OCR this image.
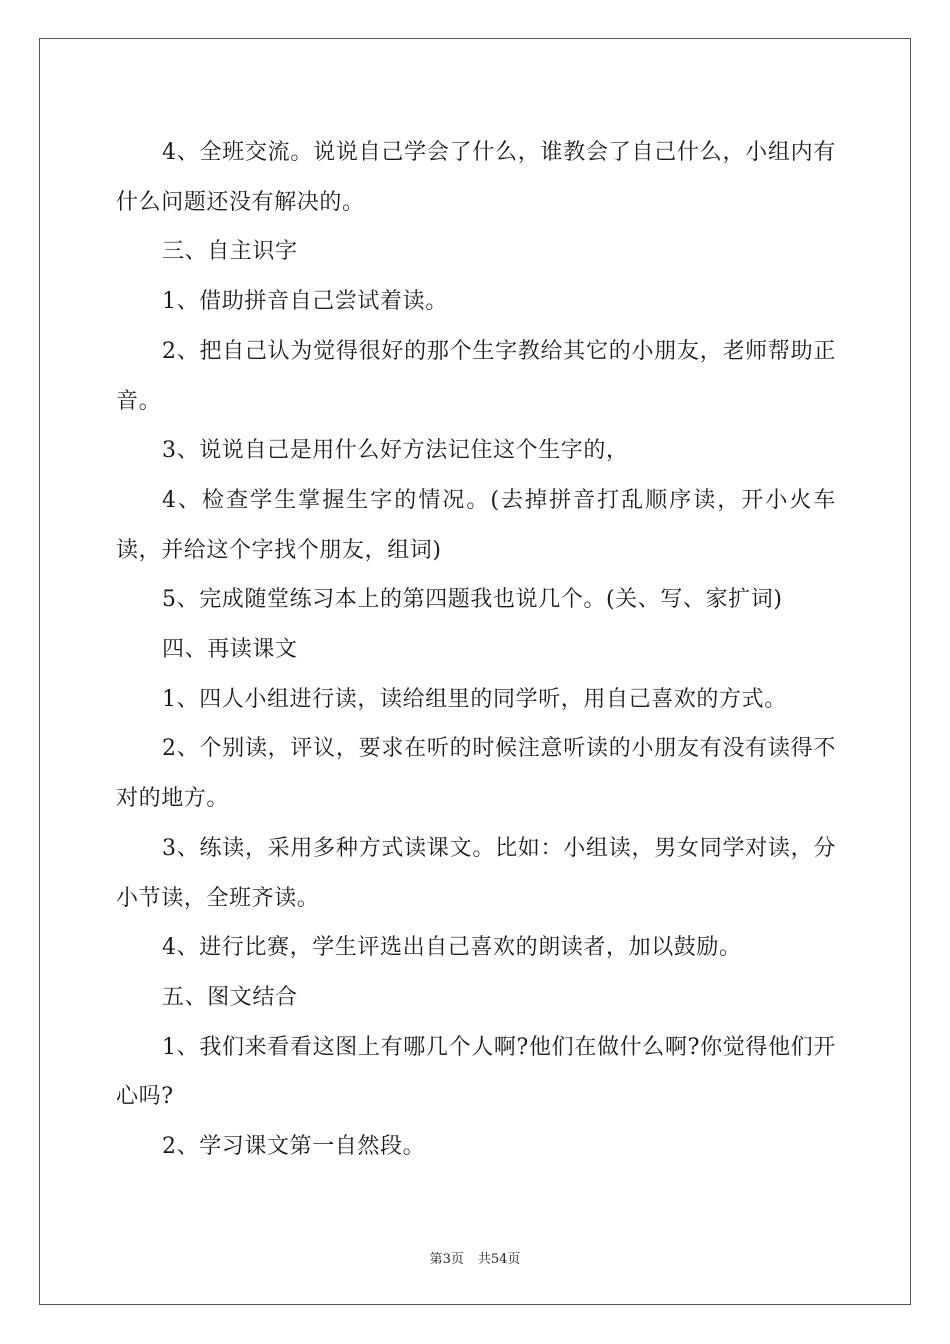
4、全班交流。说说自己学会了什么，谁教会了自己什么，小组内有什么问题还没有解决的。

三、自主识字

1、借助拼音自己尝试着读。

2、把自己认为觉得很好的那个生字教给其它的小朋友，老师帮助正音。

3、说说自己是用什么好方法记住这个生字的，

4、检查学生掌握生字的情况。(去掉拼音打乱顺序读，开小火车读，并给这个字找个朋友，组词)

5、完成随堂练习本上的第四题我也说几个。(关、写、家扩词)

四、再读课文

1、四人小组进行读，读给组里的同学听，用自己喜欢的方式。

2、个别读，评议，要求在听的时候注意听读的小朋友有没有读得不对的地方。

3、练读，采用多种方式读课文。比如：小组读，男女同学对读，分小节读，全班齐读。

4、进行比赛，学生评选出自己喜欢的朗读者，加以鼓励。

五、图文结合

1、我们来看看这图上有哪几个人啊?他们在做什么啊?你觉得他们开心吗?

2、学习课文第一自然段。

第3页 共54页
